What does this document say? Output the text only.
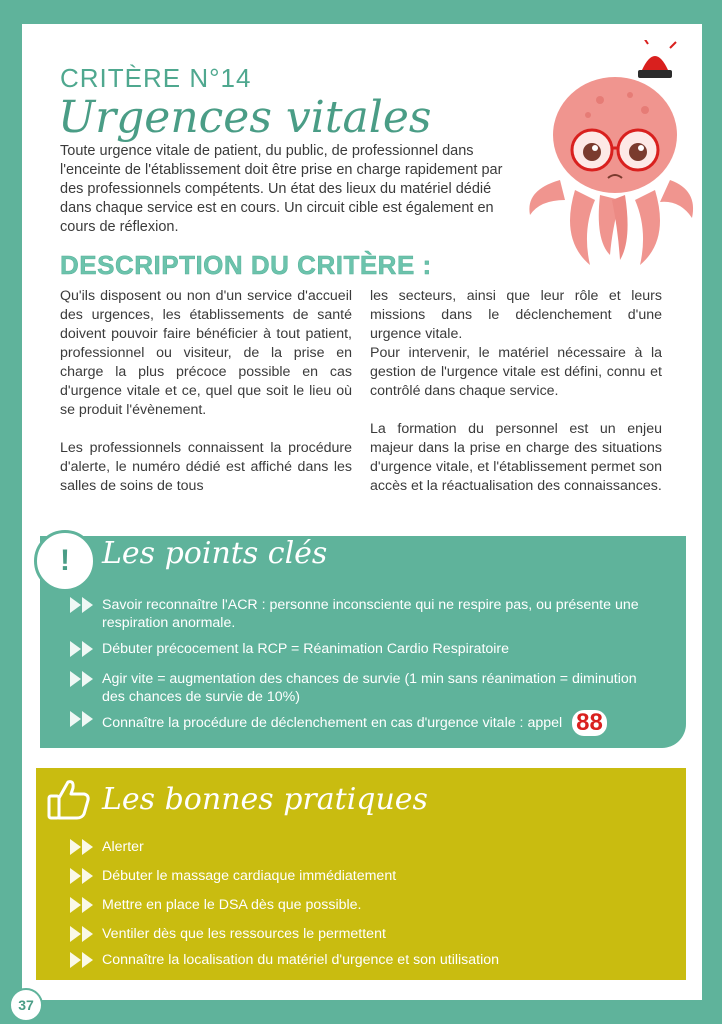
CRITÈRE N°14
Urgences vitales
Toute urgence vitale de patient, du public, de professionnel dans l'enceinte de l'établissement doit être prise en charge rapidement par des professionnels compétents. Un état des lieux du matériel dédié dans chaque service est en cours. Un circuit cible est également en cours de réflexion.
DESCRIPTION DU CRITÈRE :

Qu'ils disposent ou non d'un service d'accueil des urgences, les établissements de santé doivent pouvoir faire bénéficier à tout patient, professionnel ou visiteur, de la prise en charge la plus précoce possible en cas d'urgence vitale et ce, quel que soit le lieu où se produit l'évènement.

Les professionnels connaissent la procédure d'alerte, le numéro dédié est affiché dans les salles de soins de tous

les secteurs, ainsi que leur rôle et leurs missions dans le déclenchement d'une urgence vitale.
Pour intervenir, le matériel nécessaire à la gestion de l'urgence vitale est défini, connu et contrôlé dans chaque service.

La formation du personnel est un enjeu majeur dans la prise en charge des situations d'urgence vitale, et l'établissement permet son accès et la réactualisation des connaissances.

! Les points clés
Savoir reconnaître l'ACR : personne inconsciente qui ne respire pas, ou présente une respiration anormale.
Débuter précocement la RCP = Réanimation Cardio Respiratoire
Agir vite = augmentation des chances de survie (1 min sans réanimation = diminution des chances de survie de 10%)
Connaître la procédure de déclenchement en cas d'urgence vitale : appel 88
Les bonnes pratiques
Alerter
Débuter le massage cardiaque immédiatement
Mettre en place le DSA dès que possible.
Ventiler dès que les ressources le permettent
Connaître la localisation du matériel d'urgence et son utilisation
37
